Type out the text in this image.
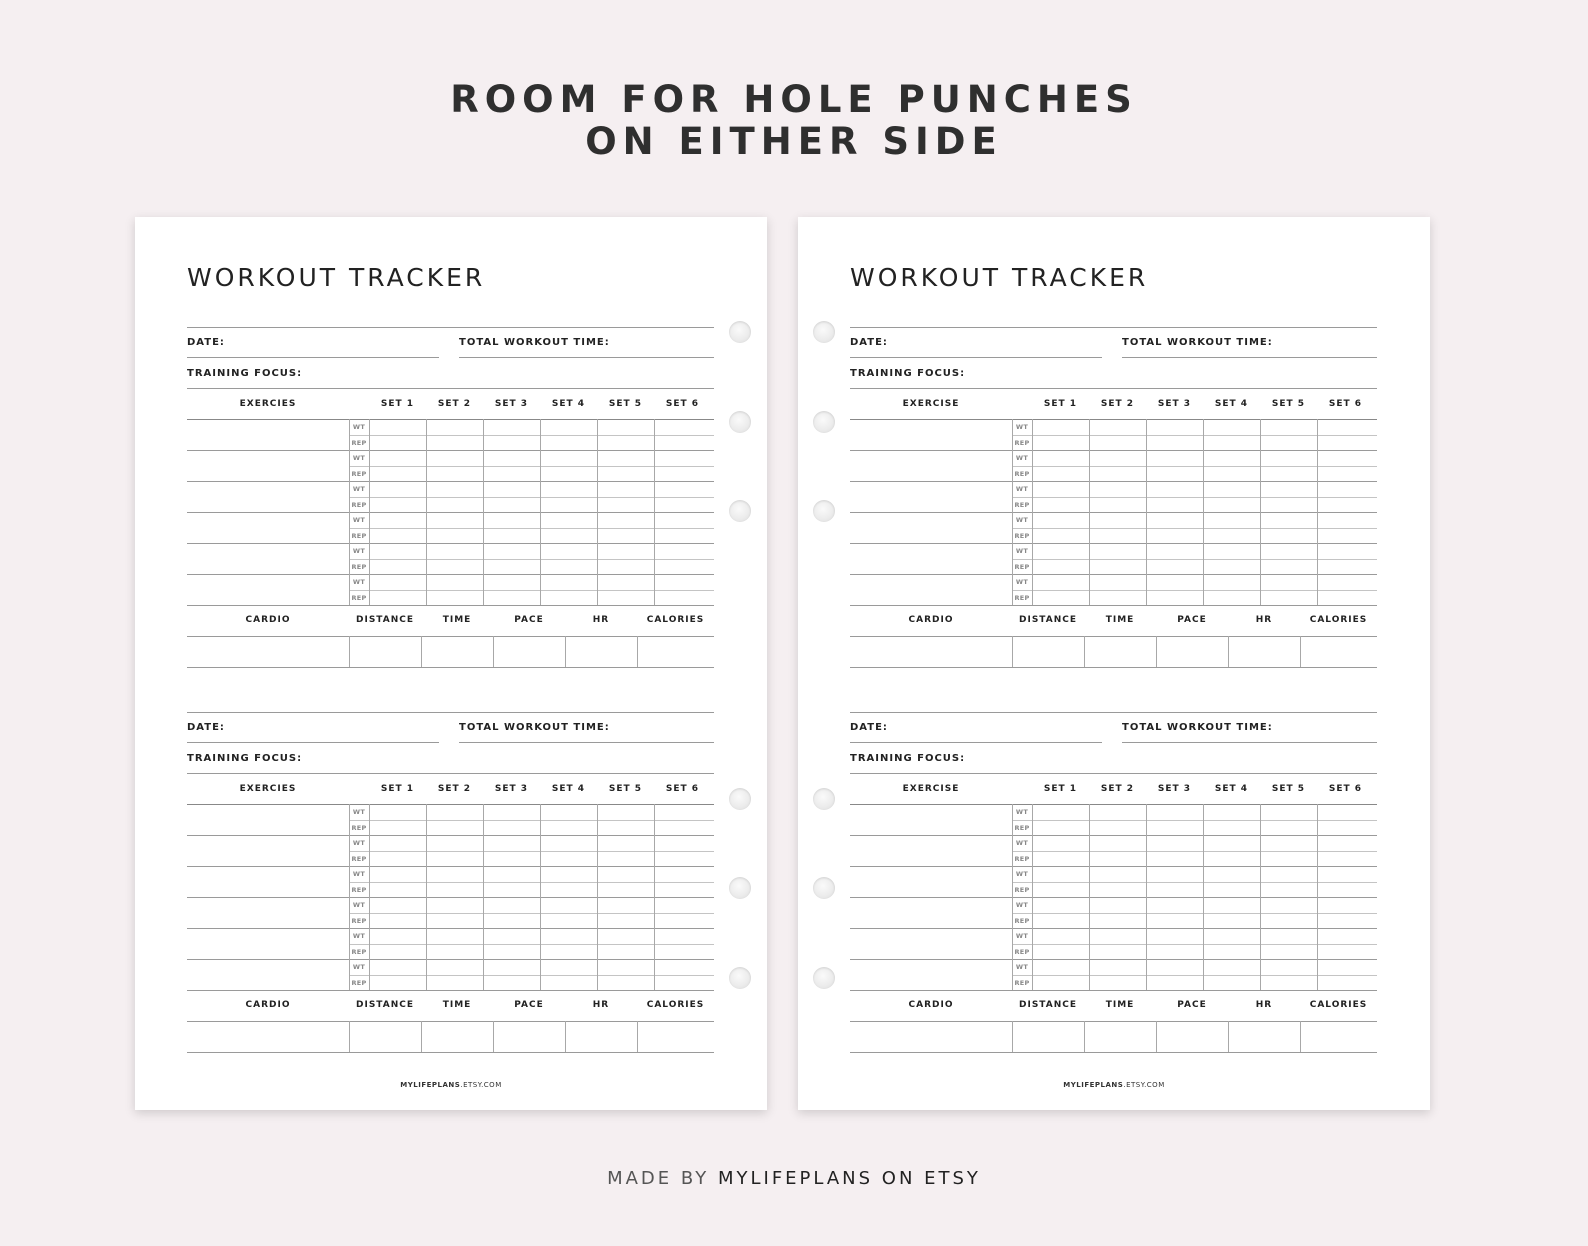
ROOM FOR HOLE PUNCHES
ON EITHER SIDE
WORKOUT TRACKER
DATE:	TOTAL WORKOUT TIME:
TRAINING FOCUS:
EXERCIES	SET 1	SET 2	SET 3	SET 4	SET 5	SET 6
WT
REP
WT
REP
WT
REP
WT
REP
WT
REP
WT
REP
CARDIO	DISTANCE	TIME	PACE	HR	CALORIES
DATE:	TOTAL WORKOUT TIME:
TRAINING FOCUS:
EXERCIES	SET 1	SET 2	SET 3	SET 4	SET 5	SET 6
WT
REP
WT
REP
WT
REP
WT
REP
WT
REP
WT
REP
CARDIO	DISTANCE	TIME	PACE	HR	CALORIES
MYLIFEPLANS.ETSY.COM
WORKOUT TRACKER
DATE:	TOTAL WORKOUT TIME:
TRAINING FOCUS:
EXERCISE	SET 1	SET 2	SET 3	SET 4	SET 5	SET 6
WT
REP
WT
REP
WT
REP
WT
REP
WT
REP
WT
REP
CARDIO	DISTANCE	TIME	PACE	HR	CALORIES
DATE:	TOTAL WORKOUT TIME:
TRAINING FOCUS:
EXERCISE	SET 1	SET 2	SET 3	SET 4	SET 5	SET 6
WT
REP
WT
REP
WT
REP
WT
REP
WT
REP
WT
REP
CARDIO	DISTANCE	TIME	PACE	HR	CALORIES
MYLIFEPLANS.ETSY.COM
MADE BY MYLIFEPLANS ON ETSY
